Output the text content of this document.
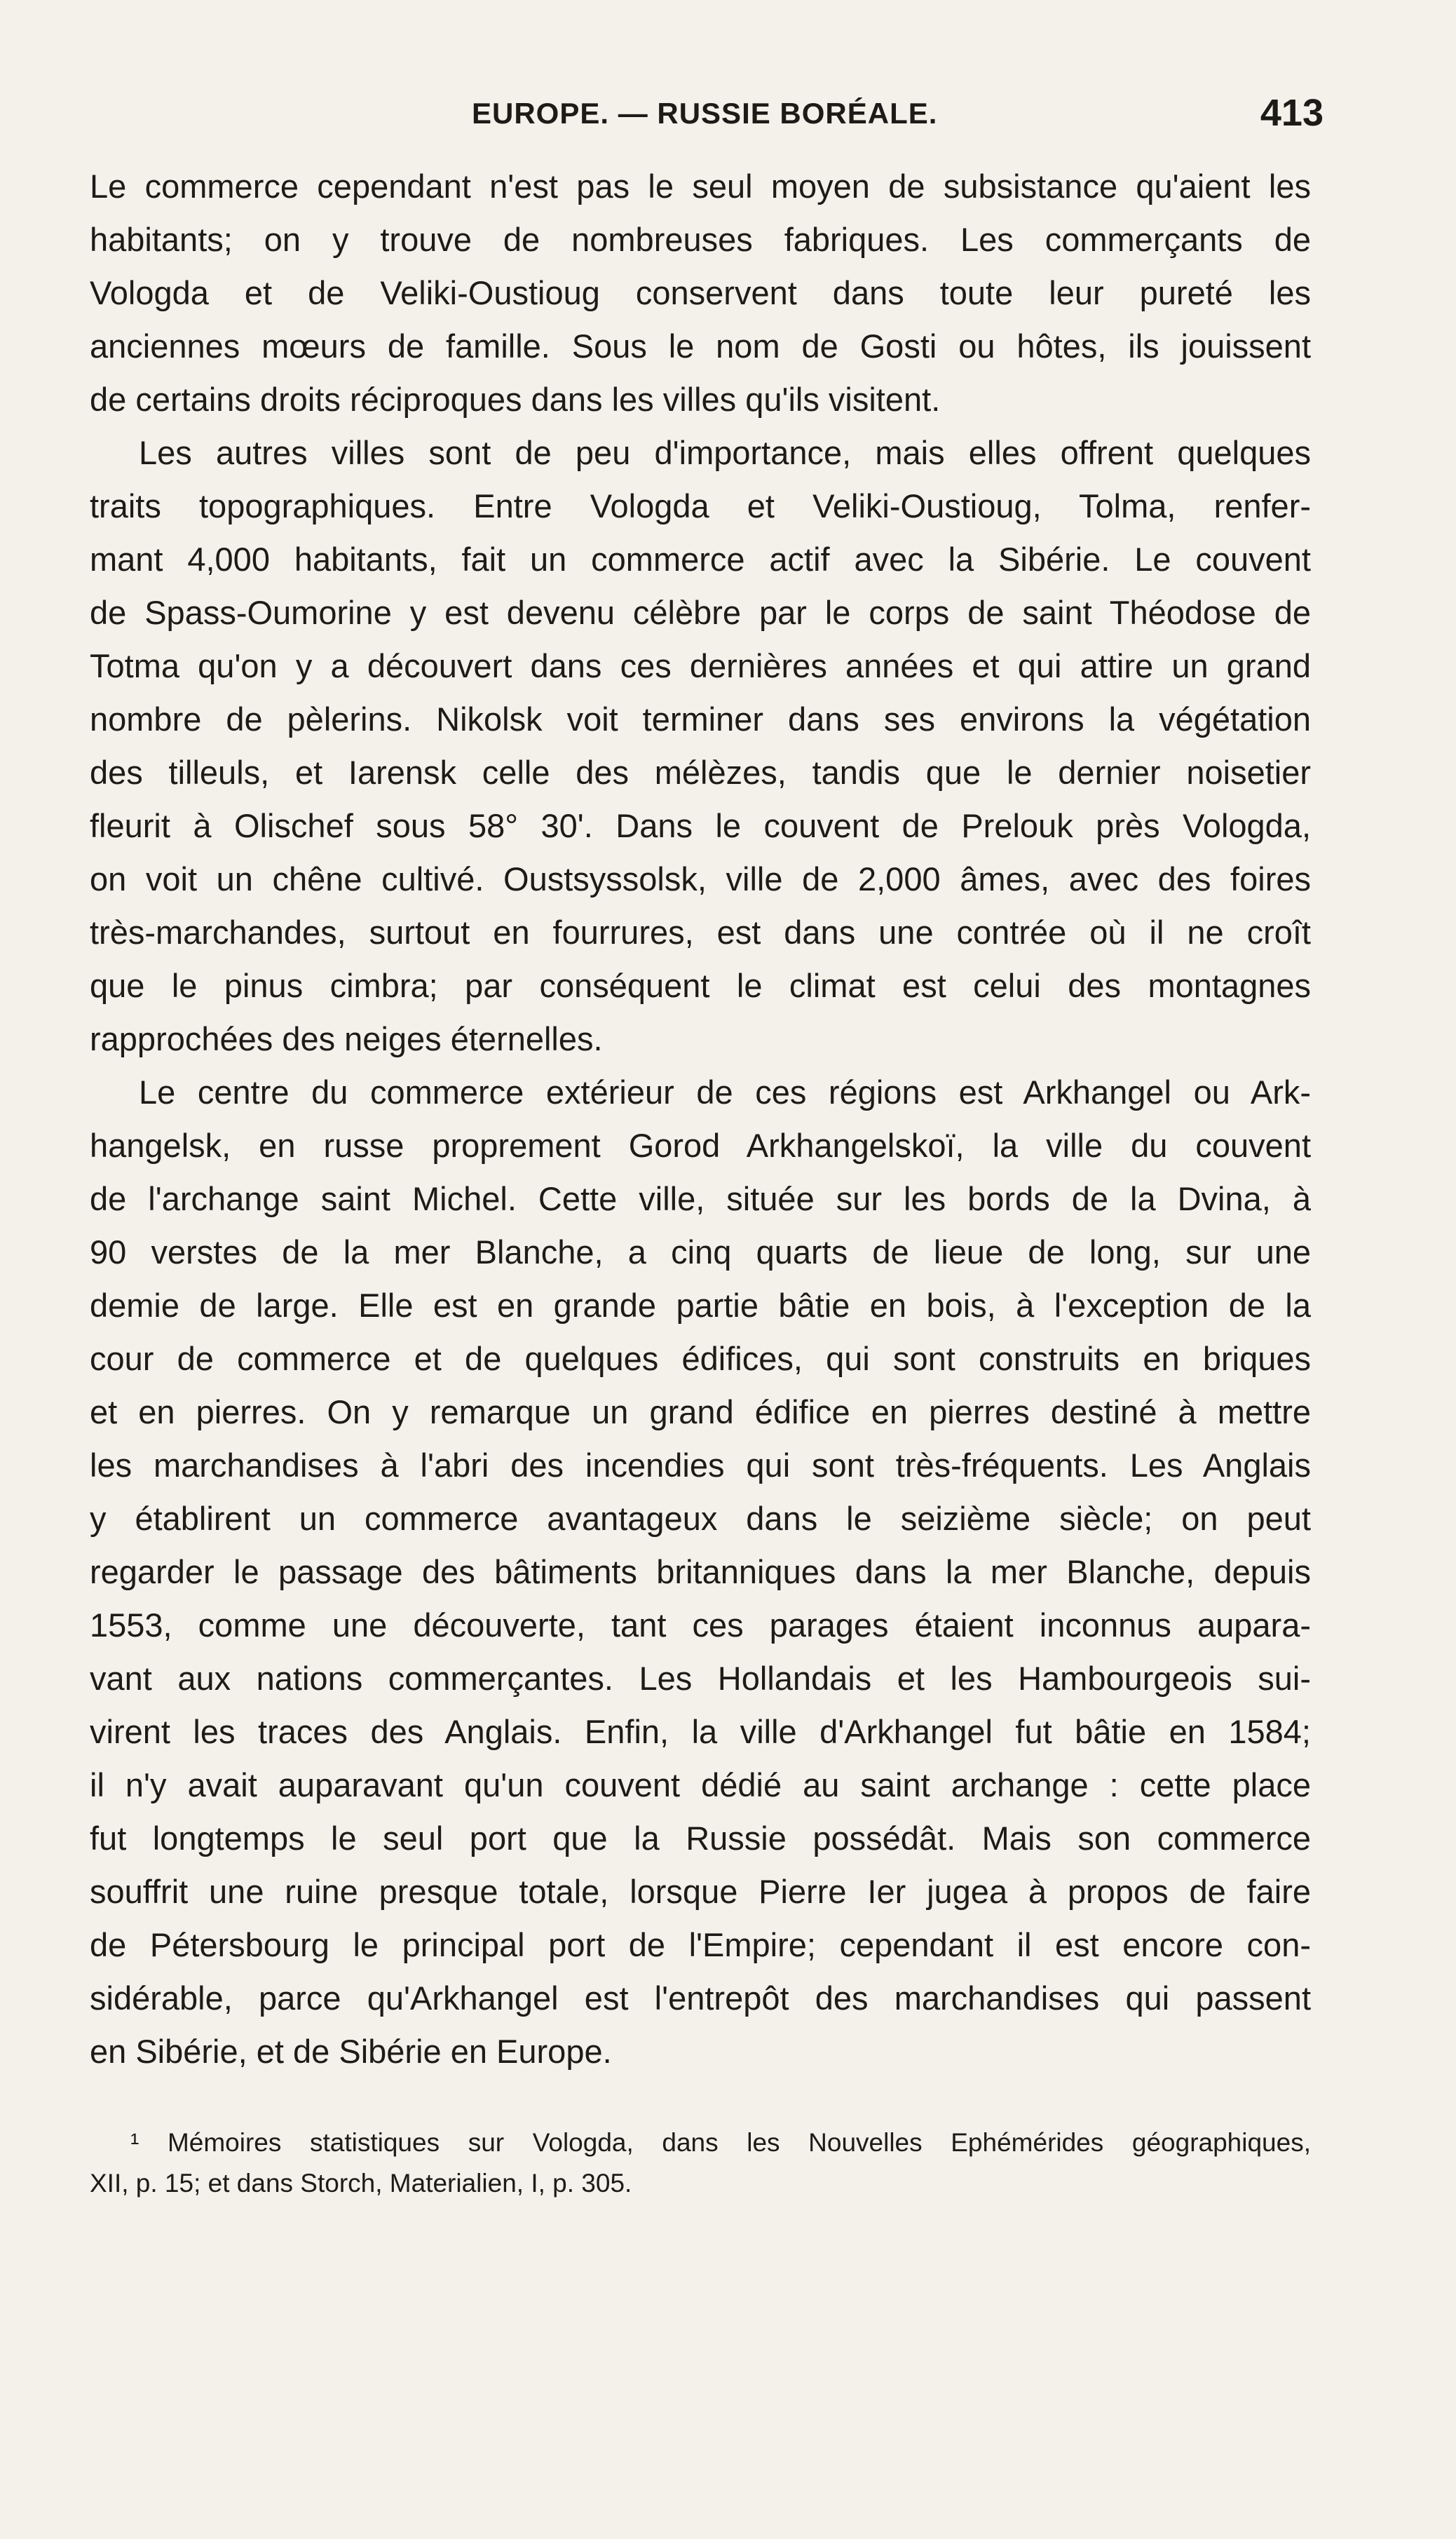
EUROPE. — RUSSIE BORÉALE.	413
Le commerce cependant n'est pas le seul moyen de subsistance qu'aient les
habitants; on y trouve de nombreuses fabriques. Les commerçants de
Vologda et de Veliki-Oustioug conservent dans toute leur pureté les
anciennes mœurs de famille. Sous le nom de Gosti ou hôtes, ils jouissent
de certains droits réciproques dans les villes qu'ils visitent.
Les autres villes sont de peu d'importance, mais elles offrent quelques
traits topographiques. Entre Vologda et Veliki-Oustioug, Tolma, renfer-
mant 4,000 habitants, fait un commerce actif avec la Sibérie. Le couvent
de Spass-Oumorine y est devenu célèbre par le corps de saint Théodose de
Totma qu'on y a découvert dans ces dernières années et qui attire un grand
nombre de pèlerins. Nikolsk voit terminer dans ses environs la végétation
des tilleuls, et Iarensk celle des mélèzes, tandis que le dernier noisetier
fleurit à Olischef sous 58° 30'. Dans le couvent de Prelouk près Vologda,
on voit un chêne cultivé. Oustsyssolsk, ville de 2,000 âmes, avec des foires
très-marchandes, surtout en fourrures, est dans une contrée où il ne croît
que le pinus cimbra; par conséquent le climat est celui des montagnes
rapprochées des neiges éternelles.
Le centre du commerce extérieur de ces régions est Arkhangel ou Ark-
hangelsk, en russe proprement Gorod Arkhangelskoï, la ville du couvent
de l'archange saint Michel. Cette ville, située sur les bords de la Dvina, à
90 verstes de la mer Blanche, a cinq quarts de lieue de long, sur une
demie de large. Elle est en grande partie bâtie en bois, à l'exception de la
cour de commerce et de quelques édifices, qui sont construits en briques
et en pierres. On y remarque un grand édifice en pierres destiné à mettre
les marchandises à l'abri des incendies qui sont très-fréquents. Les Anglais
y établirent un commerce avantageux dans le seizième siècle; on peut
regarder le passage des bâtiments britanniques dans la mer Blanche, depuis
1553, comme une découverte, tant ces parages étaient inconnus aupara-
vant aux nations commerçantes. Les Hollandais et les Hambourgeois sui-
virent les traces des Anglais. Enfin, la ville d'Arkhangel fut bâtie en 1584;
il n'y avait auparavant qu'un couvent dédié au saint archange : cette place
fut longtemps le seul port que la Russie possédât. Mais son commerce
souffrit une ruine presque totale, lorsque Pierre Ier jugea à propos de faire
de Pétersbourg le principal port de l'Empire; cependant il est encore con-
sidérable, parce qu'Arkhangel est l'entrepôt des marchandises qui passent
en Sibérie, et de Sibérie en Europe.
¹ Mémoires statistiques sur Vologda, dans les Nouvelles Ephémérides géographiques,
XII, p. 15; et dans Storch, Materialien, I, p. 305.
